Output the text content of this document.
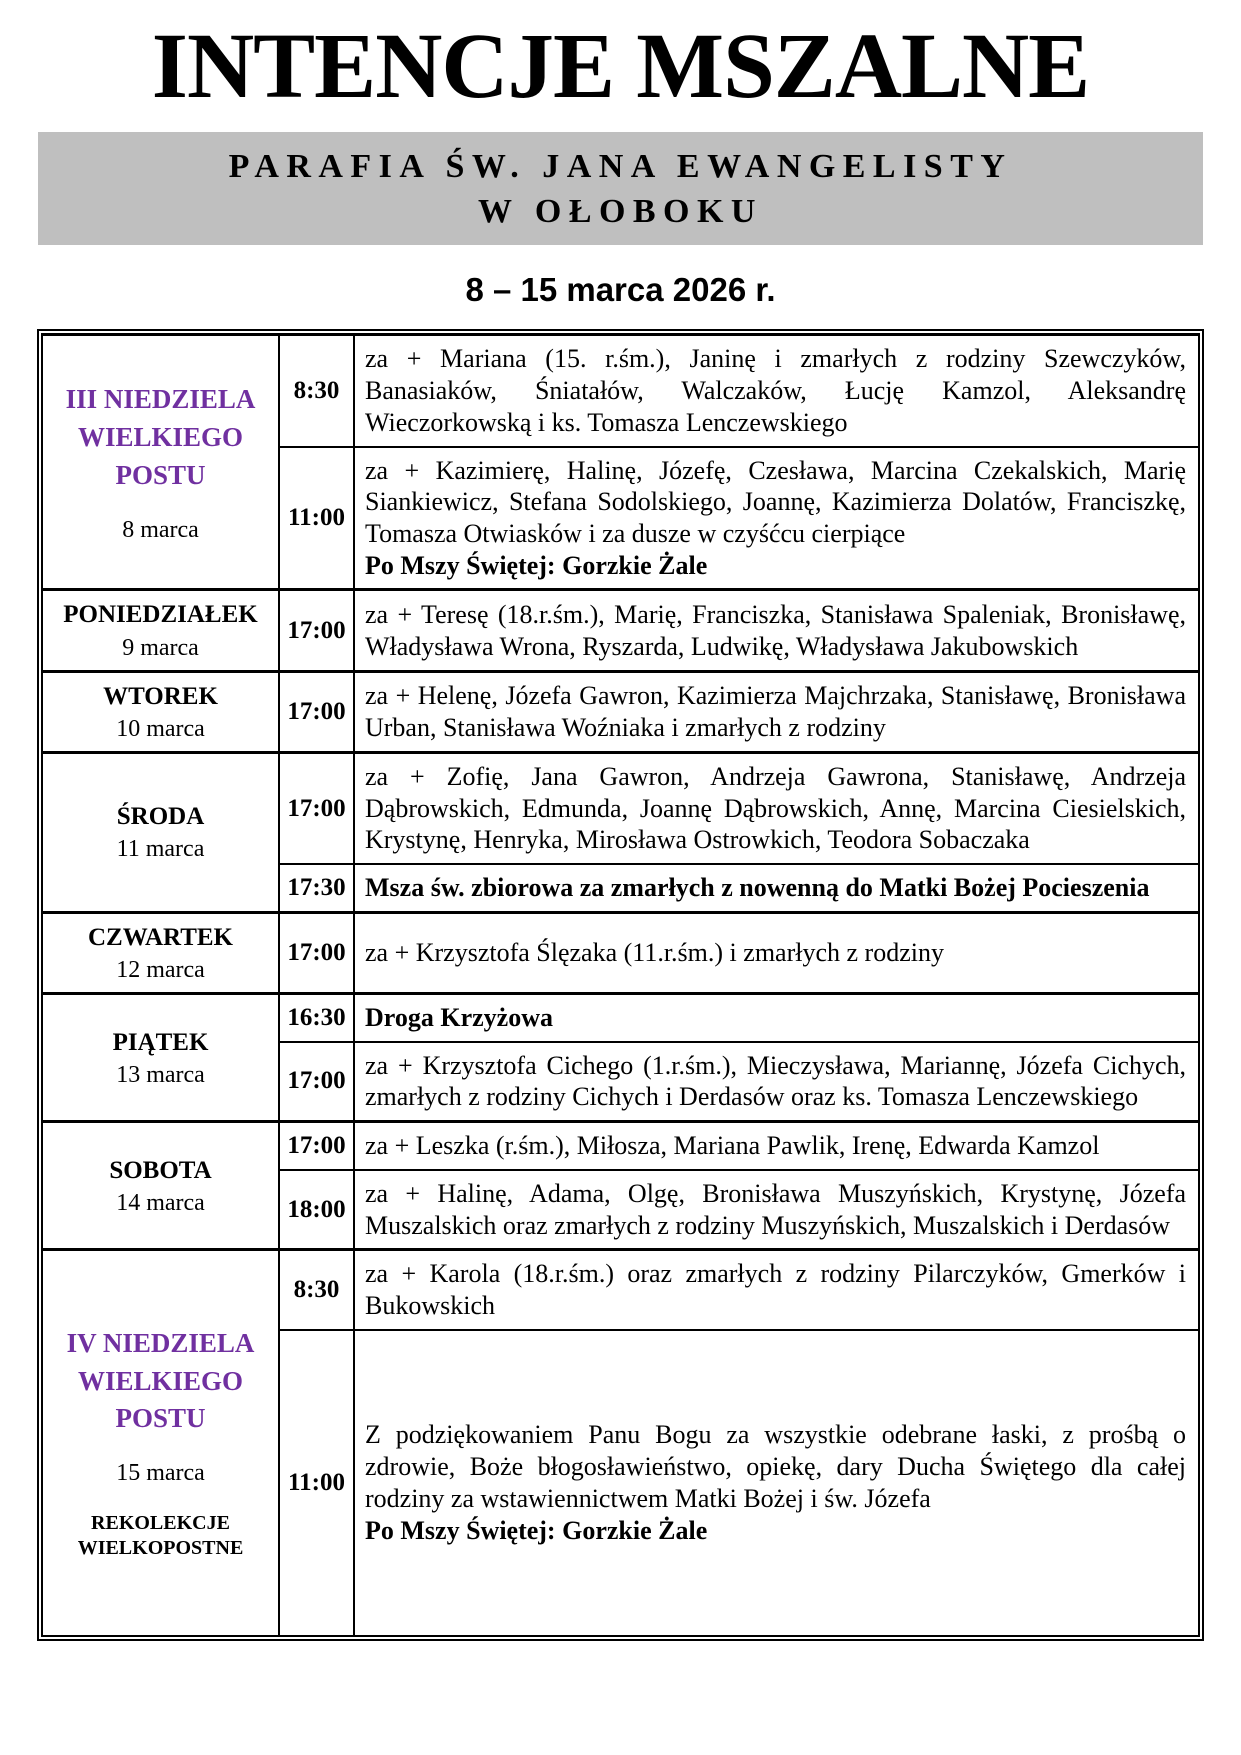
INTENCJE MSZALNE
PARAFIA ŚW. JANA EWANGELISTY
W OŁOBOKU
8 – 15 marca 2026 r.
III NIEDZIELA WIELKIEGO POSTU
8 marca	8:30	za + Mariana (15. r.śm.), Janinę i zmarłych z rodziny Szewczyków, Banasiaków, Śniatałów, Walczaków, Łucję Kamzol, Aleksandrę Wieczorkowską i ks. Tomasza Lenczewskiego

	11:00	za + Kazimierę, Halinę, Józefę, Czesława, Marcina Czekalskich, Marię Siankiewicz, Stefana Sodolskiego, Joannę, Kazimierza Dolatów, Franciszkę, Tomasza Otwiasków i za dusze w czyśćcu cierpiące
Po Mszy Świętej: Gorzkie Żale

PONIEDZIAŁEK
9 marca	17:00	za + Teresę (18.r.śm.), Marię, Franciszka, Stanisława Spaleniak, Bronisławę, Władysława Wrona, Ryszarda, Ludwikę, Władysława Jakubowskich

WTOREK
10 marca	17:00	za + Helenę, Józefa Gawron, Kazimierza Majchrzaka, Stanisławę, Bronisława Urban, Stanisława Woźniaka i zmarłych z rodziny

ŚRODA
11 marca	17:00	za + Zofię, Jana Gawron, Andrzeja Gawrona, Stanisławę, Andrzeja Dąbrowskich, Edmunda, Joannę Dąbrowskich, Annę, Marcina Ciesielskich, Krystynę, Henryka, Mirosława Ostrowkich, Teodora Sobaczaka

	17:30	Msza św. zbiorowa za zmarłych z nowenną do Matki Bożej Pocieszenia

CZWARTEK
12 marca	17:00	za + Krzysztofa Ślęzaka (11.r.śm.) i zmarłych z rodziny

PIĄTEK
13 marca	16:30	Droga Krzyżowa

	17:00	za + Krzysztofa Cichego (1.r.śm.), Mieczysława, Mariannę, Józefa Cichych, zmarłych z rodziny Cichych i Derdasów oraz ks. Tomasza Lenczewskiego

SOBOTA
14 marca	17:00	za + Leszka (r.śm.), Miłosza, Mariana Pawlik, Irenę, Edwarda Kamzol

	18:00	za + Halinę, Adama, Olgę, Bronisława Muszyńskich, Krystynę, Józefa Muszalskich oraz zmarłych z rodziny Muszyńskich, Muszalskich i Derdasów

IV NIEDZIELA WIELKIEGO POSTU
15 marca
REKOLEKCJE WIELKOPOSTNE	8:30	za + Karola (18.r.śm.) oraz zmarłych z rodziny Pilarczyków, Gmerków i Bukowskich

	11:00	Z podziękowaniem Panu Bogu za wszystkie odebrane łaski, z prośbą o zdrowie, Boże błogosławieństwo, opiekę, dary Ducha Świętego dla całej rodziny za wstawiennictwem Matki Bożej i św. Józefa
Po Mszy Świętej: Gorzkie Żale
